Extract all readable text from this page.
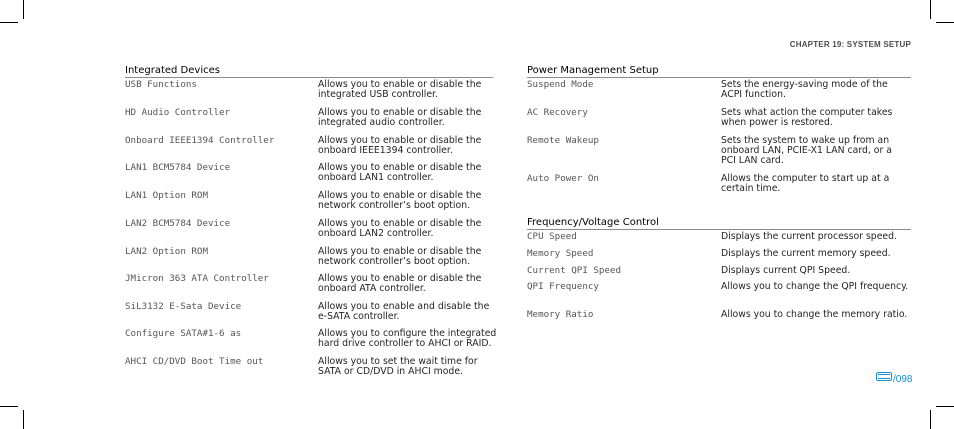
CHAPTER 19: SYSTEM SETUP
Integrated Devices
USB Functions	Allows you to enable or disable the integrated USB controller.
HD Audio Controller	Allows you to enable or disable the integrated audio controller.
Onboard IEEE1394 Controller	Allows you to enable or disable the onboard IEEE1394 controller.
LAN1 BCM5784 Device	Allows you to enable or disable the onboard LAN1 controller.
LAN1 Option ROM	Allows you to enable or disable the network controller’s boot option.
LAN2 BCM5784 Device	Allows you to enable or disable the onboard LAN2 controller.
LAN2 Option ROM	Allows you to enable or disable the network controller’s boot option.
JMicron 363 ATA Controller	Allows you to enable or disable the onboard ATA controller.
SiL3132 E-Sata Device	Allows you to enable and disable the e-SATA controller.
Configure SATA#1-6 as	Allows you to configure the integrated hard drive controller to AHCI or RAID.
AHCI CD/DVD Boot Time out	Allows you to set the wait time for SATA or CD/DVD in AHCI mode.
Power Management Setup
Suspend Mode	Sets the energy-saving mode of the ACPI function.
AC Recovery	Sets what action the computer takes when power is restored.
Remote Wakeup	Sets the system to wake up from an onboard LAN, PCIE-X1 LAN card, or a PCI LAN card.
Auto Power On	Allows the computer to start up at a certain time.
Frequency/Voltage Control
CPU Speed	Displays the current processor speed.
Memory Speed	Displays the current memory speed.
Current QPI Speed	Displays current QPI Speed.
QPI Frequency	Allows you to change the QPI frequency.
Memory Ratio	Allows you to change the memory ratio.
/098
